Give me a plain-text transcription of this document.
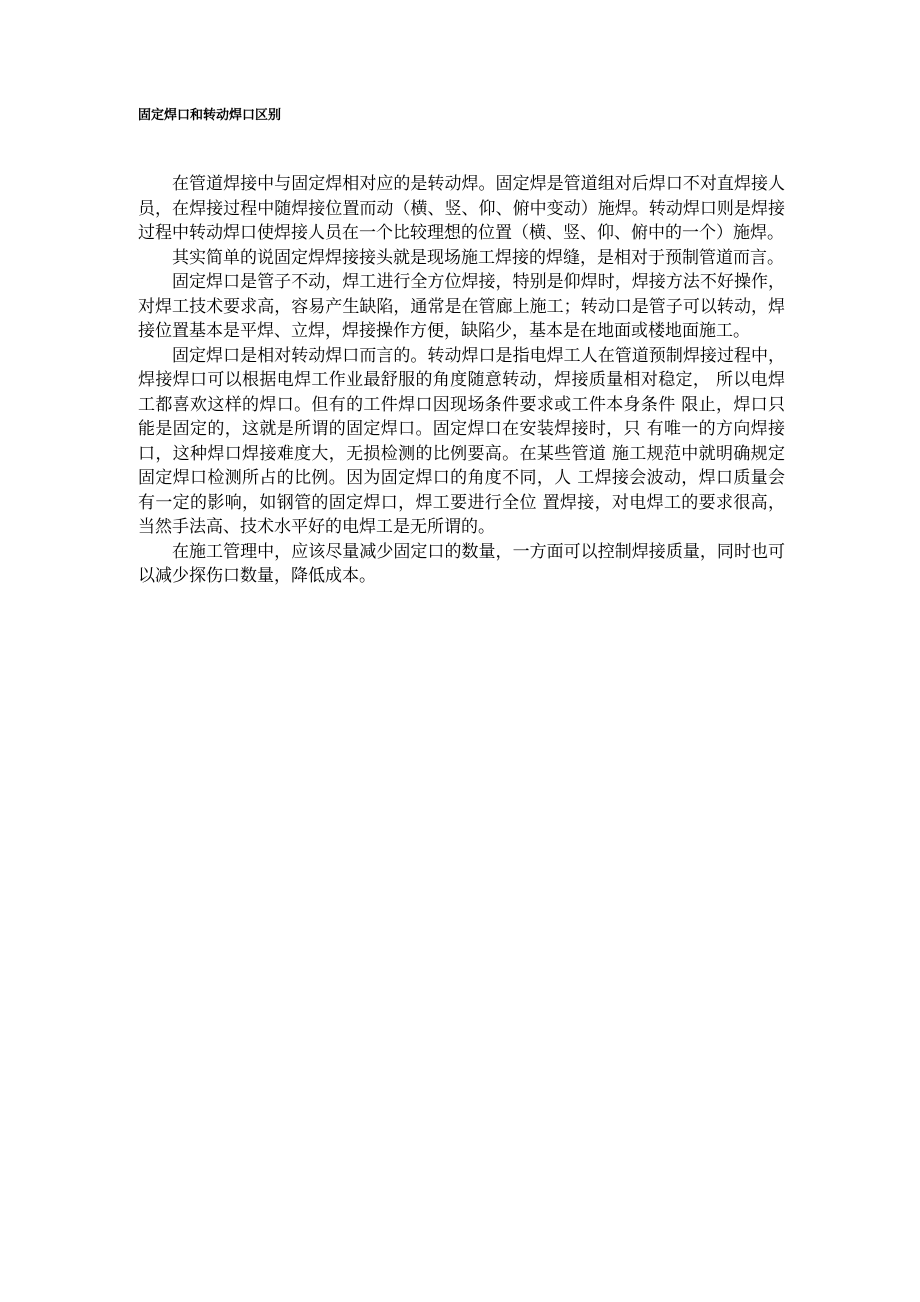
固定焊口和转动焊口区别

在管道焊接中与固定焊相对应的是转动焊。固定焊是管道组对后焊口不对直焊接人员，在焊接过程中随焊接位置而动（横、竖、仰、俯中变动）施焊。转动焊口则是焊接过程中转动焊口使焊接人员在一个比较理想的位置（横、竖、仰、俯中的一个）施焊。

其实简单的说固定焊焊接接头就是现场施工焊接的焊缝，是相对于预制管道而言。

固定焊口是管子不动，焊工进行全方位焊接，特别是仰焊时，焊接方法不好操作，对焊工技术要求高，容易产生缺陷，通常是在管廊上施工；转动口是管子可以转动，焊接位置基本是平焊、立焊，焊接操作方便，缺陷少，基本是在地面或楼地面施工。

固定焊口是相对转动焊口而言的。转动焊口是指电焊工人在管道预制焊接过程中，焊接焊口可以根据电焊工作业最舒服的角度随意转动，焊接质量相对稳定， 所以电焊工都喜欢这样的焊口。但有的工件焊口因现场条件要求或工件本身条件 限止，焊口只能是固定的，这就是所谓的固定焊口。固定焊口在安装焊接时，只 有唯一的方向焊接口，这种焊口焊接难度大，无损检测的比例要高。在某些管道 施工规范中就明确规定固定焊口检测所占的比例。因为固定焊口的角度不同，人 工焊接会波动，焊口质量会有一定的影响，如钢管的固定焊口，焊工要进行全位 置焊接，对电焊工的要求很高，当然手法高、技术水平好的电焊工是无所谓的。

在施工管理中，应该尽量减少固定口的数量，一方面可以控制焊接质量，同时也可以减少探伤口数量，降低成本。
